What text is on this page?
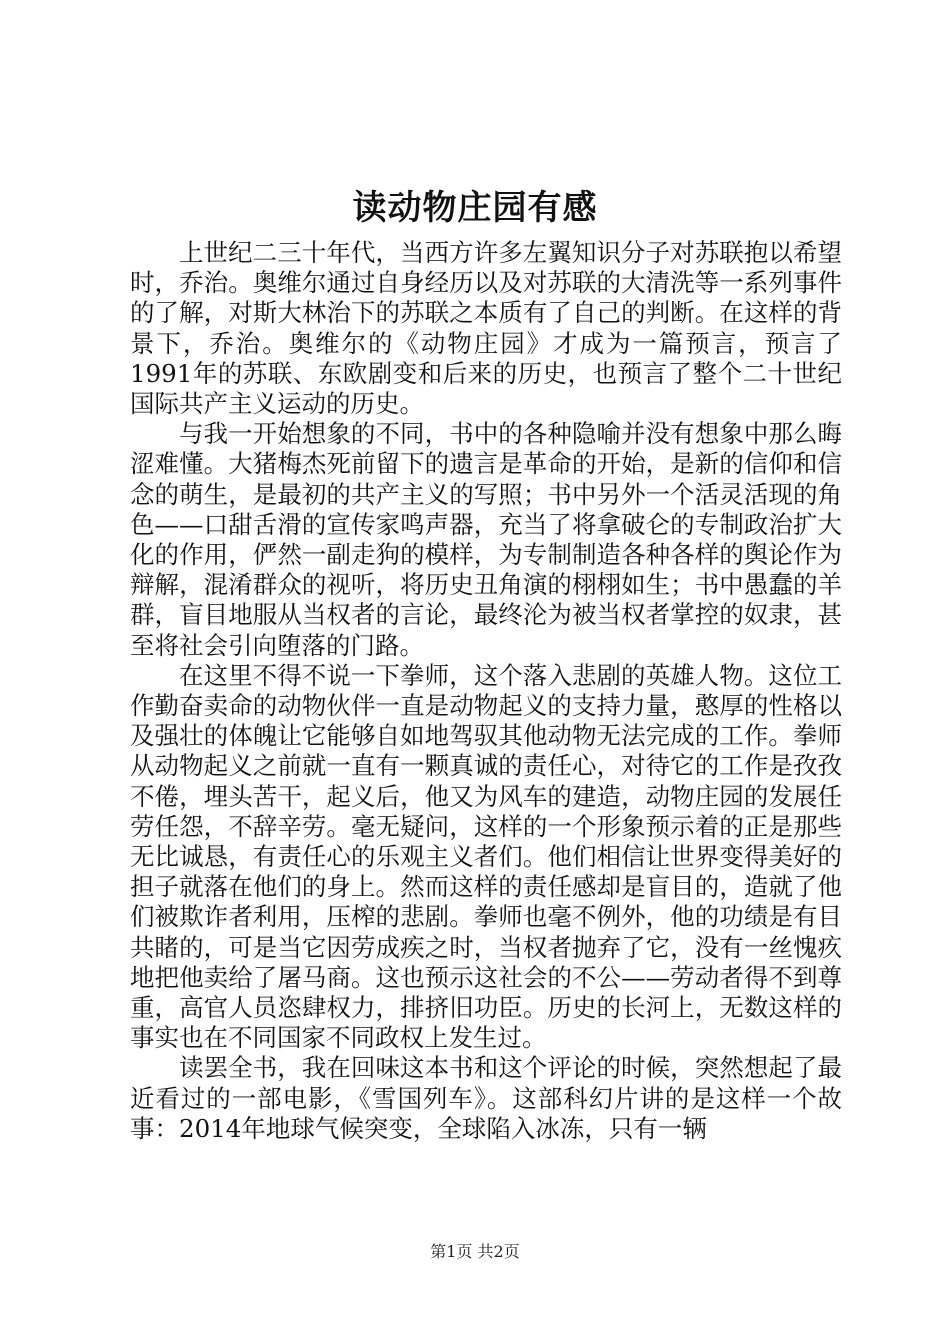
读动物庄园有感

上世纪二三十年代，当西方许多左翼知识分子对苏联抱以希望时，乔治。奥维尔通过自身经历以及对苏联的大清洗等一系列事件的了解，对斯大林治下的苏联之本质有了自己的判断。在这样的背景下，乔治。奥维尔的《动物庄园》才成为一篇预言，预言了1991年的苏联、东欧剧变和后来的历史，也预言了整个二十世纪国际共产主义运动的历史。

与我一开始想象的不同，书中的各种隐喻并没有想象中那么晦涩难懂。大猪梅杰死前留下的遗言是革命的开始，是新的信仰和信念的萌生，是最初的共产主义的写照；书中另外一个活灵活现的角色——口甜舌滑的宣传家鸣声器，充当了将拿破仑的专制政治扩大化的作用，俨然一副走狗的模样，为专制制造各种各样的舆论作为辩解，混淆群众的视听，将历史丑角演的栩栩如生；书中愚蠢的羊群，盲目地服从当权者的言论，最终沦为被当权者掌控的奴隶，甚至将社会引向堕落的门路。

在这里不得不说一下拳师，这个落入悲剧的英雄人物。这位工作勤奋卖命的动物伙伴一直是动物起义的支持力量，憨厚的性格以及强壮的体魄让它能够自如地驾驭其他动物无法完成的工作。拳师从动物起义之前就一直有一颗真诚的责任心，对待它的工作是孜孜不倦，埋头苦干，起义后，他又为风车的建造，动物庄园的发展任劳任怨，不辞辛劳。毫无疑问，这样的一个形象预示着的正是那些无比诚恳，有责任心的乐观主义者们。他们相信让世界变得美好的担子就落在他们的身上。然而这样的责任感却是盲目的，造就了他们被欺诈者利用，压榨的悲剧。拳师也毫不例外，他的功绩是有目共睹的，可是当它因劳成疾之时，当权者抛弃了它，没有一丝愧疚地把他卖给了屠马商。这也预示这社会的不公——劳动者得不到尊重，高官人员恣肆权力，排挤旧功臣。历史的长河上，无数这样的事实也在不同国家不同政权上发生过。

读罢全书，我在回味这本书和这个评论的时候，突然想起了最近看过的一部电影，《雪国列车》。这部科幻片讲的是这样一个故事：2014年地球气候突变，全球陷入冰冻，只有一辆

第1页 共2页
